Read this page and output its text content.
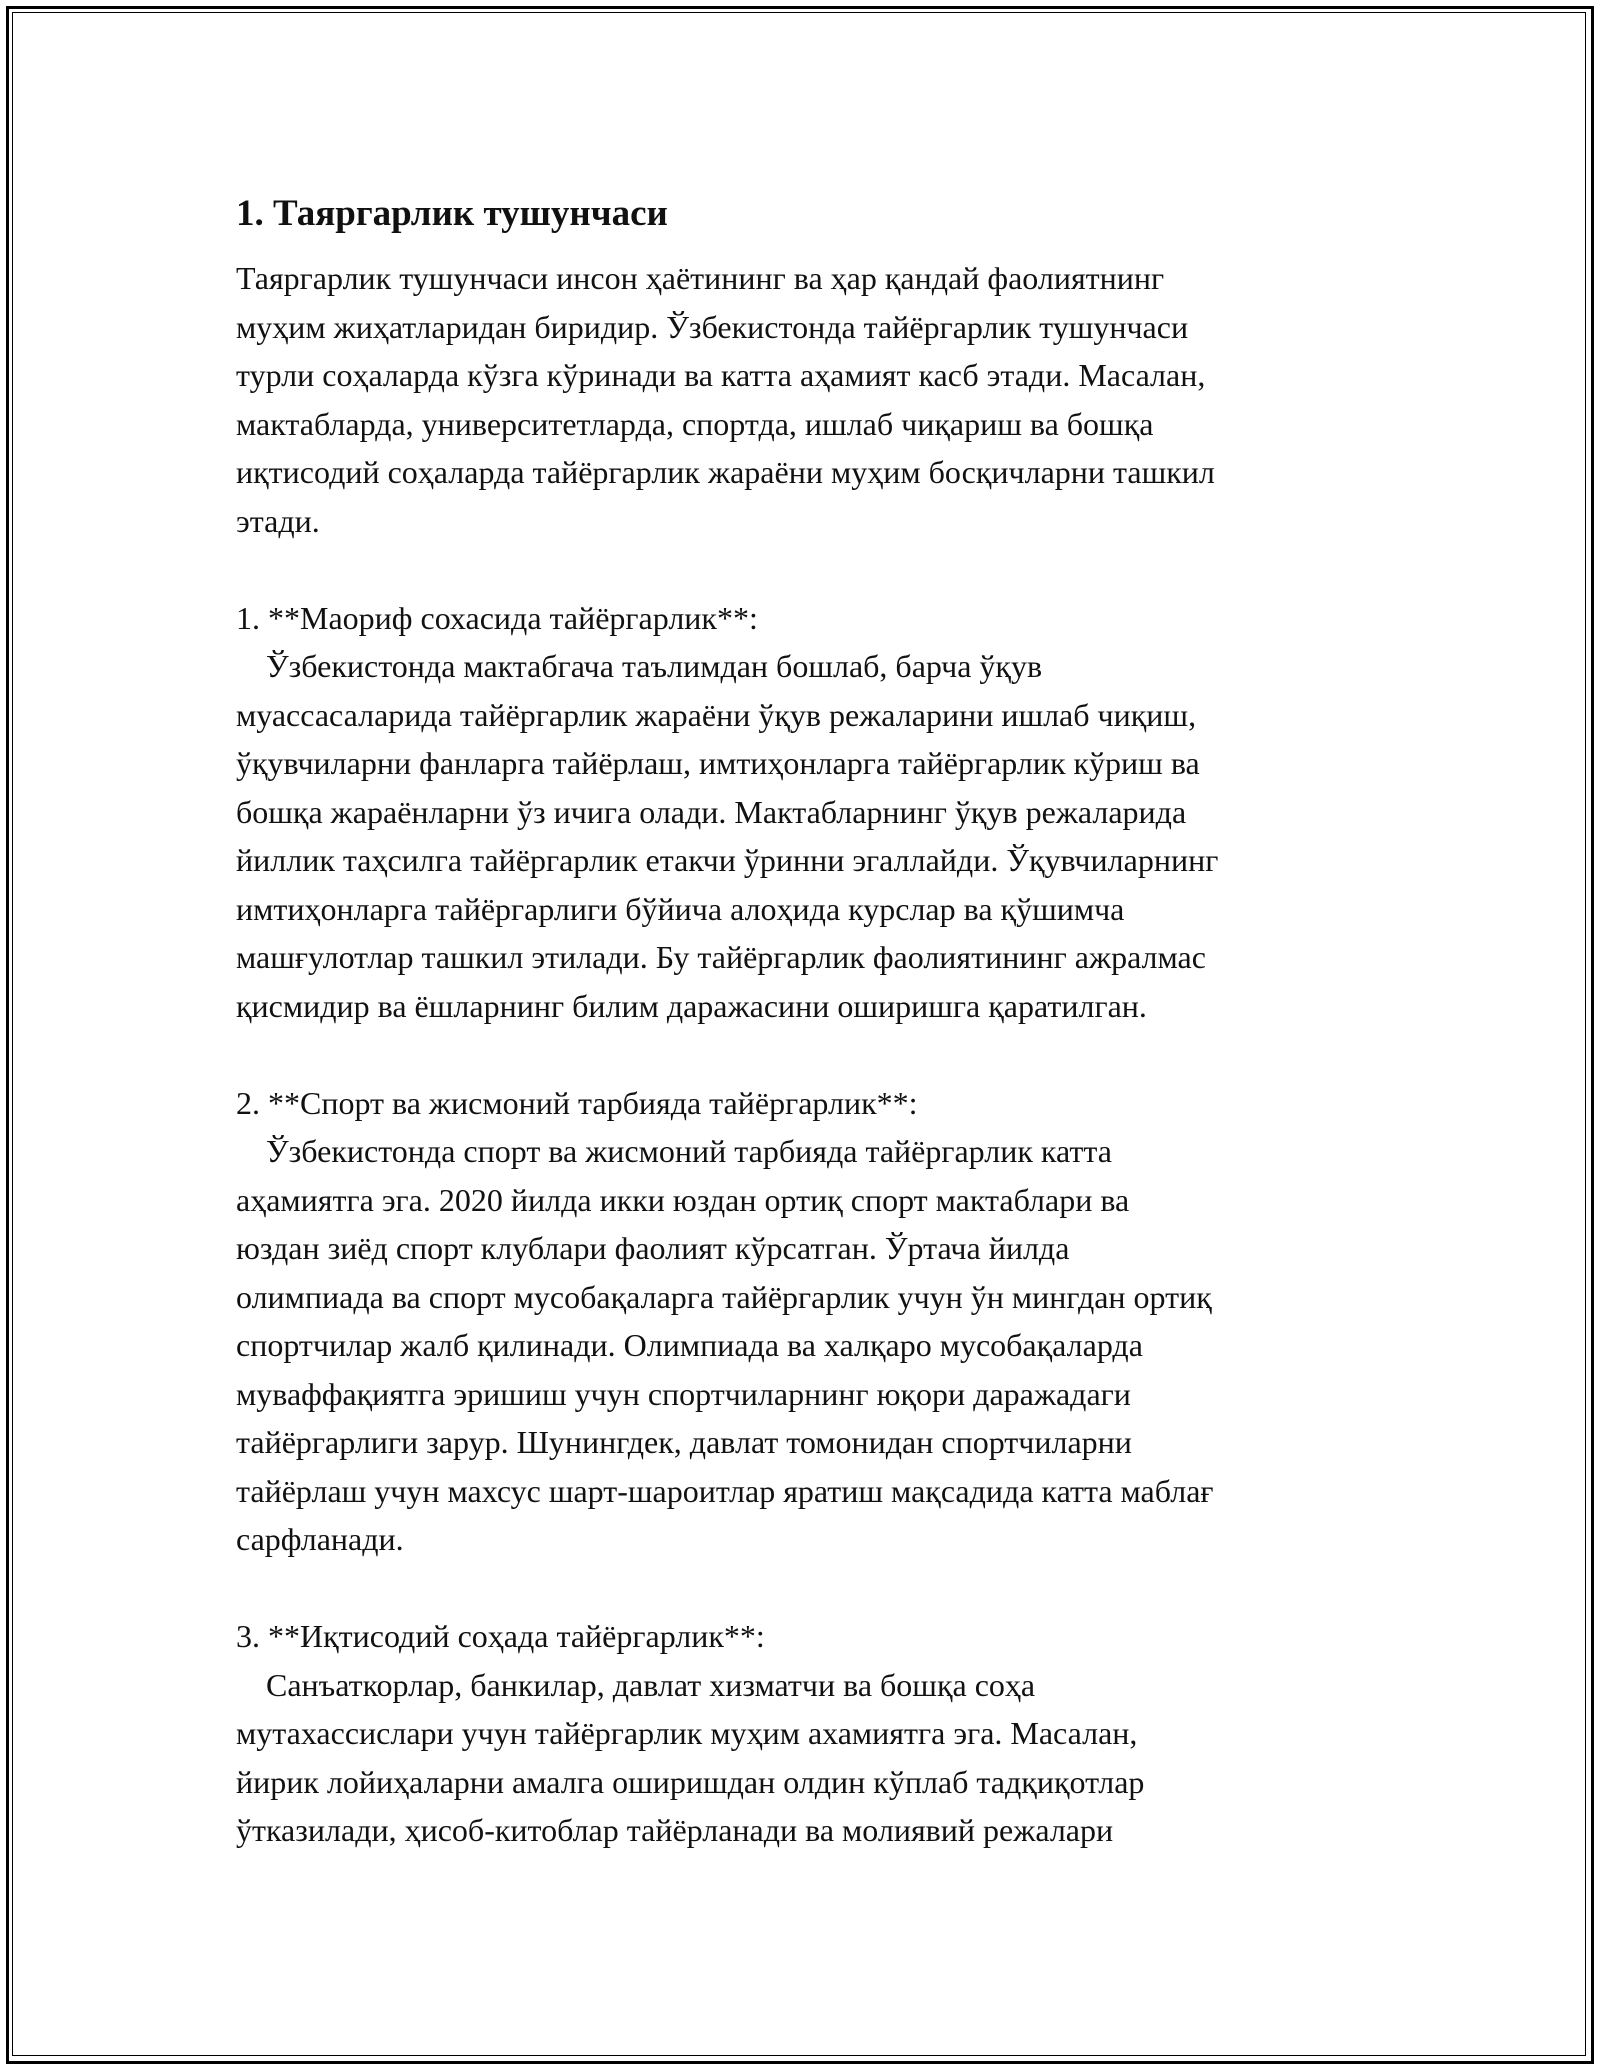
1. Таяргарлик тушунчаси
Таяргарлик тушунчаси инсон ҳаётининг ва ҳар қандай фаолиятнинг
муҳим жиҳатларидан биридир. Ўзбекистонда тайёргарлик тушунчаси
турли соҳаларда кўзга кўринади ва катта аҳамият касб этади. Масалан,
мактабларда, университетларда, спортда, ишлаб чиқариш ва бошқа
иқтисодий соҳаларда тайёргарлик жараёни муҳим босқичларни ташкил
этади.
1. **Маориф сохасида тайёргарлик**:
Ўзбекистонда мактабгача таълимдан бошлаб, барча ўқув
муассасаларида тайёргарлик жараёни ўқув режаларини ишлаб чиқиш,
ўқувчиларни фанларга тайёрлаш, имтиҳонларга тайёргарлик кўриш ва
бошқа жараёнларни ўз ичига олади. Мактабларнинг ўқув режаларида
йиллик таҳсилга тайёргарлик етакчи ўринни эгаллайди. Ўқувчиларнинг
имтиҳонларга тайёргарлиги бўйича алоҳида курслар ва қўшимча
машғулотлар ташкил этилади. Бу тайёргарлик фаолиятининг ажралмас
қисмидир ва ёшларнинг билим даражасини оширишга қаратилган.
2. **Спорт ва жисмоний тарбияда тайёргарлик**:
Ўзбекистонда спорт ва жисмоний тарбияда тайёргарлик катта
аҳамиятга эга. 2020 йилда икки юздан ортиқ спорт мактаблари ва
юздан зиёд спорт клублари фаолият кўрсатган. Ўртача йилда
олимпиада ва спорт мусобақаларга тайёргарлик учун ўн мингдан ортиқ
спортчилар жалб қилинади. Олимпиада ва халқаро мусобақаларда
муваффақиятга эришиш учун спортчиларнинг юқори даражадаги
тайёргарлиги зарур. Шунингдек, давлат томонидан спортчиларни
тайёрлаш учун махсус шарт-шароитлар яратиш мақсадида катта маблағ
сарфланади.
3. **Иқтисодий соҳада тайёргарлик**:
Санъаткорлар, банкилар, давлат хизматчи ва бошқа соҳа
мутахассислари учун тайёргарлик муҳим ахамиятга эга. Масалан,
йирик лойиҳаларни амалга оширишдан олдин кўплаб тадқиқотлар
ўтказилади, ҳисоб-китоблар тайёрланади ва молиявий режалари
